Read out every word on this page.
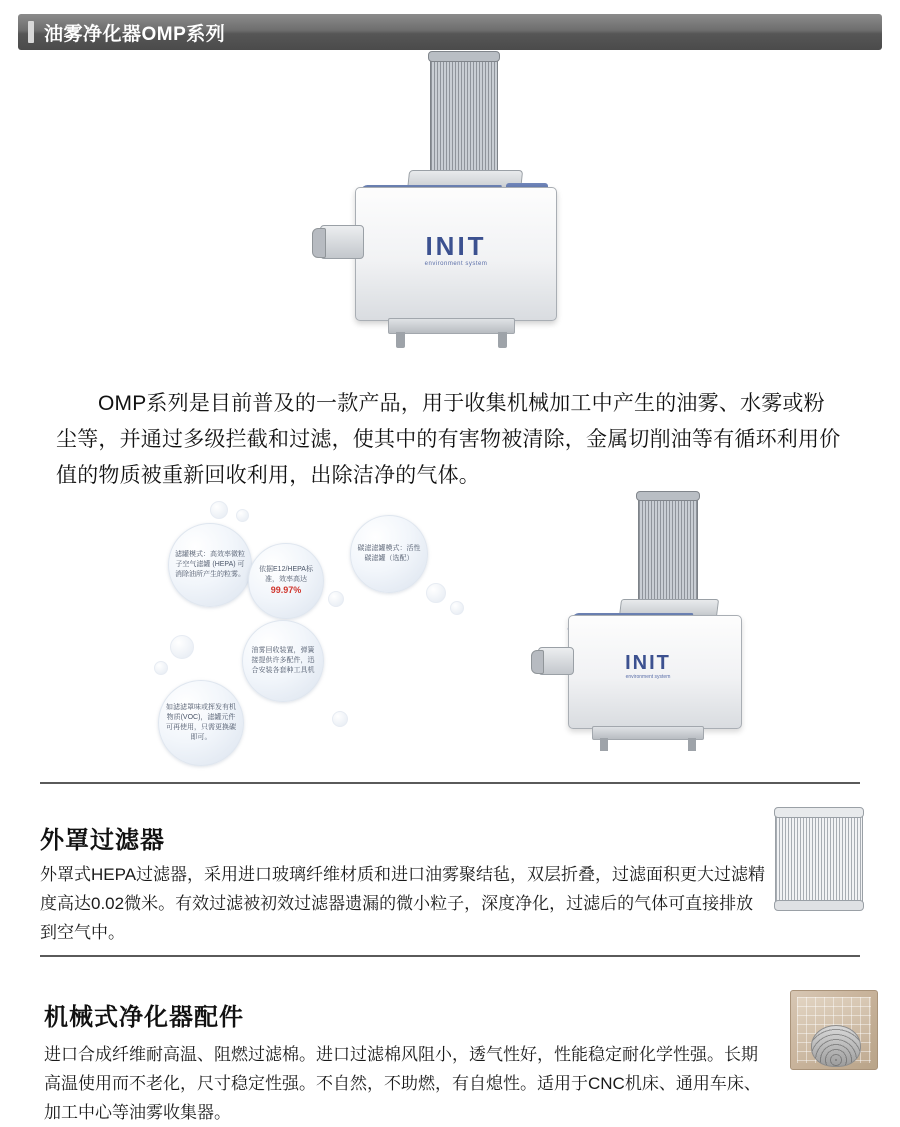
油雾净化器OMP系列
INIT
environment system

OMP系列是目前普及的一款产品，用于收集机械加工中产生的油雾、水雾或粉尘等，并通过多级拦截和过滤，使其中的有害物被清除，金属切削油等有循环利用价值的物质被重新回收利用，出除洁净的气体。

滤罐模式：高效率微粒子空气滤罐 (HEPA) 可消除油所产生的粒雾。
依据E12/HEPA标准，效率高达 99.97%
碳滤滤罐模式：活性碳滤罐（选配）
油雾回收装置，弹簧接提供许多配件，迅合安装各套种工具机
如滤滤罩味或挥发有机物质(VOC)，滤罐元件可再使用，只需更换碳即可。
INIT
environment system
外罩过滤器

外罩式HEPA过滤器，采用进口玻璃纤维材质和进口油雾聚结毡，双层折叠，过滤面积更大过滤精度高达0.02微米。有效过滤被初效过滤器遗漏的微小粒子，深度净化，过滤后的气体可直接排放到空气中。

机械式净化器配件

进口合成纤维耐高温、阻燃过滤棉。进口过滤棉风阻小，透气性好，性能稳定耐化学性强。长期高温使用而不老化，尺寸稳定性强。不自然，不助燃，有自熄性。适用于CNC机床、通用车床、加工中心等油雾收集器。
